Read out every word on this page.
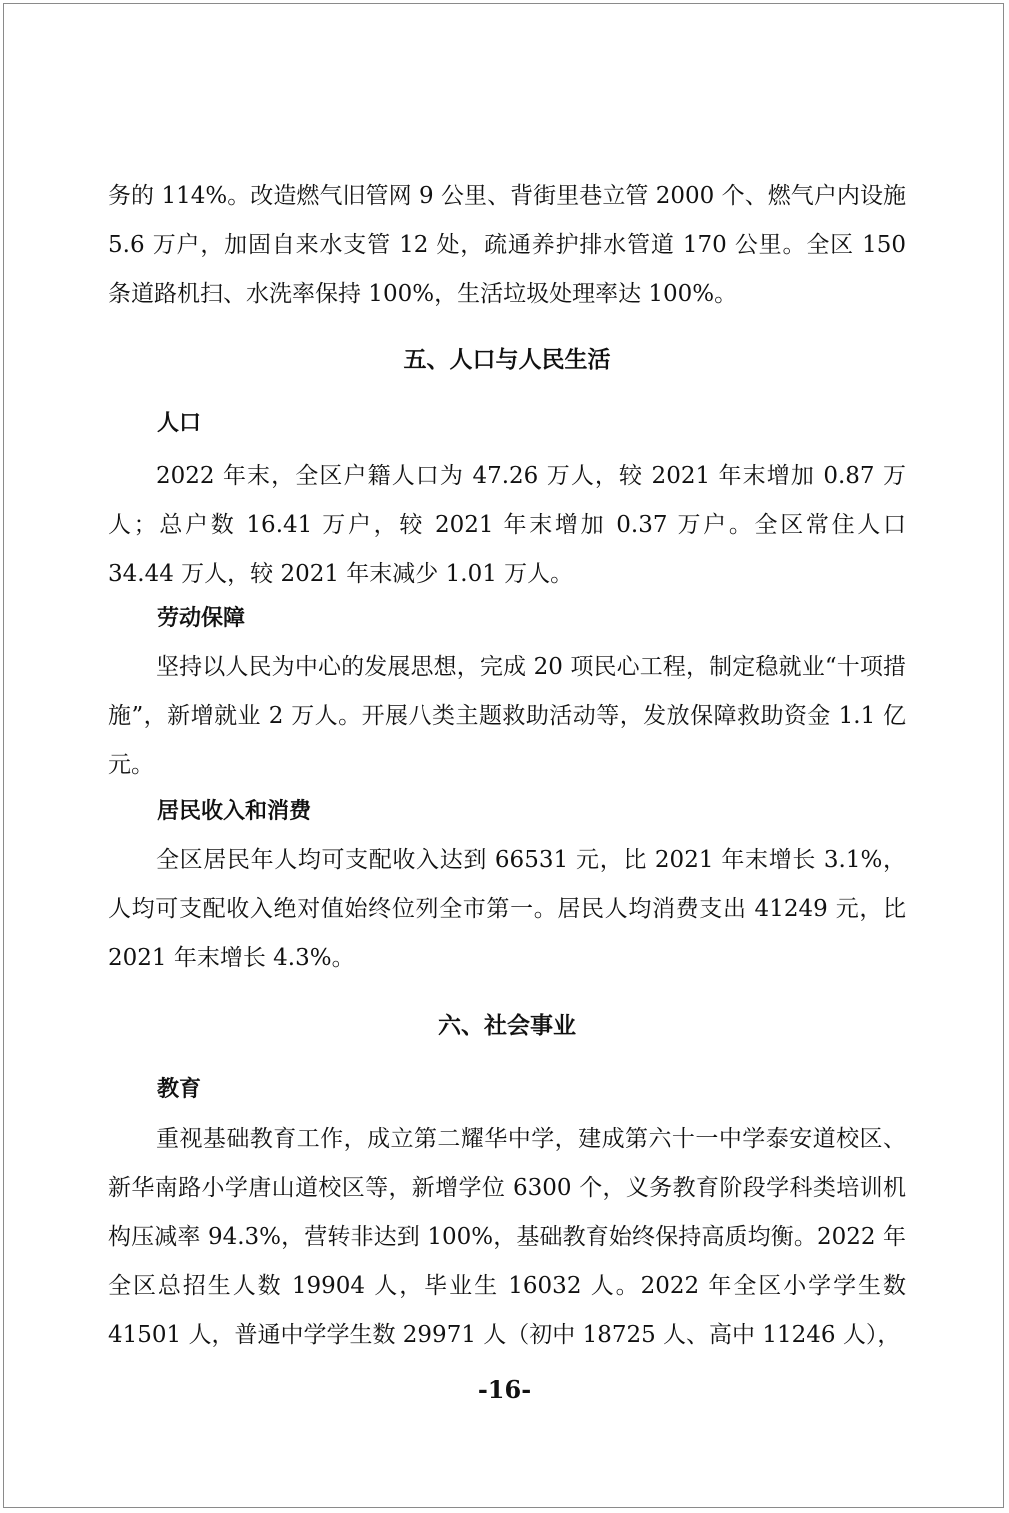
务的 114%。改造燃气旧管网 9 公里、背街里巷立管 2000 个、燃气户内设施 5.6 万户，加固自来水支管 12 处，疏通养护排水管道 170 公里。全区 150 条道路机扫、水洗率保持 100%，生活垃圾处理率达 100%。

五、人口与人民生活
人口

2022 年末，全区户籍人口为 47.26 万人，较 2021 年末增加 0.87 万人；总户数 16.41 万户，较 2021 年末增加 0.37 万户。全区常住人口 34.44 万人，较 2021 年末减少 1.01 万人。

劳动保障

坚持以人民为中心的发展思想，完成 20 项民心工程，制定稳就业“十项措施”，新增就业 2 万人。开展八类主题救助活动等，发放保障救助资金 1.1 亿元。

居民收入和消费

全区居民年人均可支配收入达到 66531 元，比 2021 年末增长 3.1%，人均可支配收入绝对值始终位列全市第一。居民人均消费支出 41249 元，比 2021 年末增长 4.3%。

六、社会事业
教育

重视基础教育工作，成立第二耀华中学，建成第六十一中学泰安道校区、新华南路小学唐山道校区等，新增学位 6300 个，义务教育阶段学科类培训机构压减率 94.3%，营转非达到 100%，基础教育始终保持高质均衡。2022 年全区总招生人数 19904 人，毕业生 16032 人。2022 年全区小学学生数 41501 人，普通中学学生数 29971 人（初中 18725 人、高中 11246 人），

-16-
